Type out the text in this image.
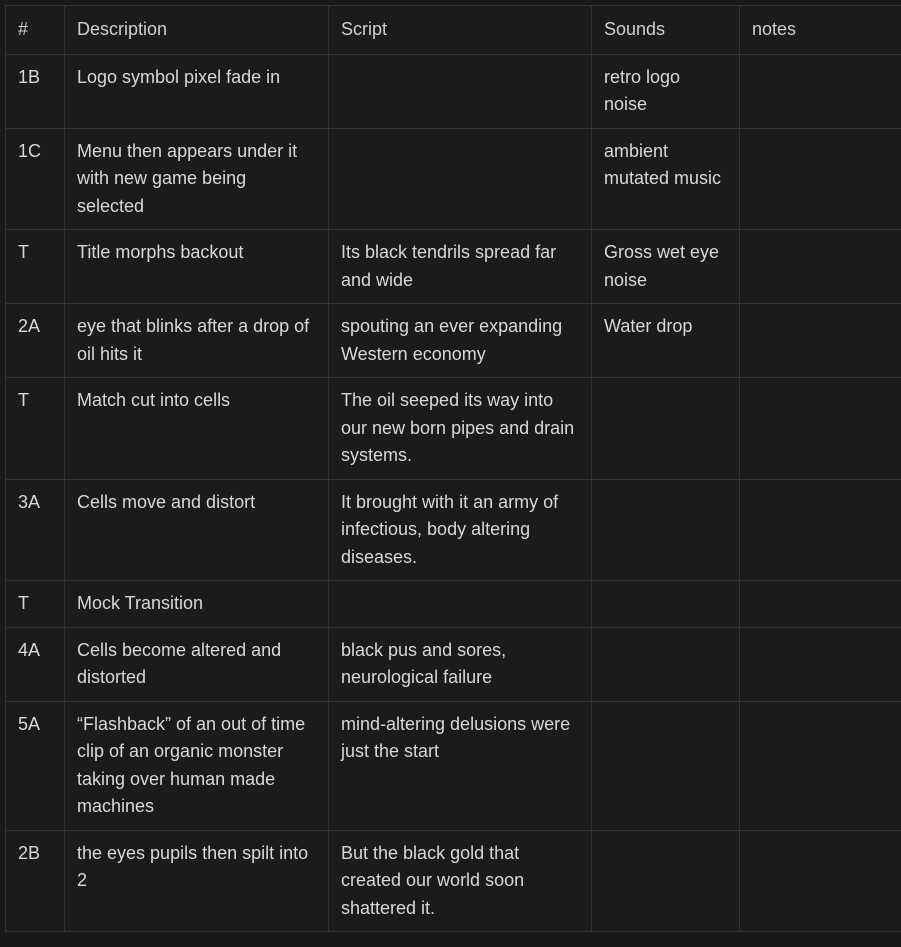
#	Description	Script	Sounds	notes
1B	Logo symbol pixel fade in		retro logo noise	
1C	Menu then appears under it with new game being selected		ambient mutated music	
T	Title morphs backout	Its black tendrils spread far and wide	Gross wet eye noise	
2A	eye that blinks after a drop of oil hits it	spouting an ever expanding Western economy	Water drop	
T	Match cut into cells	The oil seeped its way into our new born pipes and drain systems.		
3A	Cells move and distort	It brought with it an army of infectious, body altering diseases.		
T	Mock Transition			
4A	Cells become altered and distorted	black pus and sores, neurological failure		
5A	“Flashback” of an out of time clip of an organic monster taking over human made machines	mind-altering delusions were just the start		
2B	the eyes pupils then spilt into 2	But the black gold that created our world soon shattered it.		
